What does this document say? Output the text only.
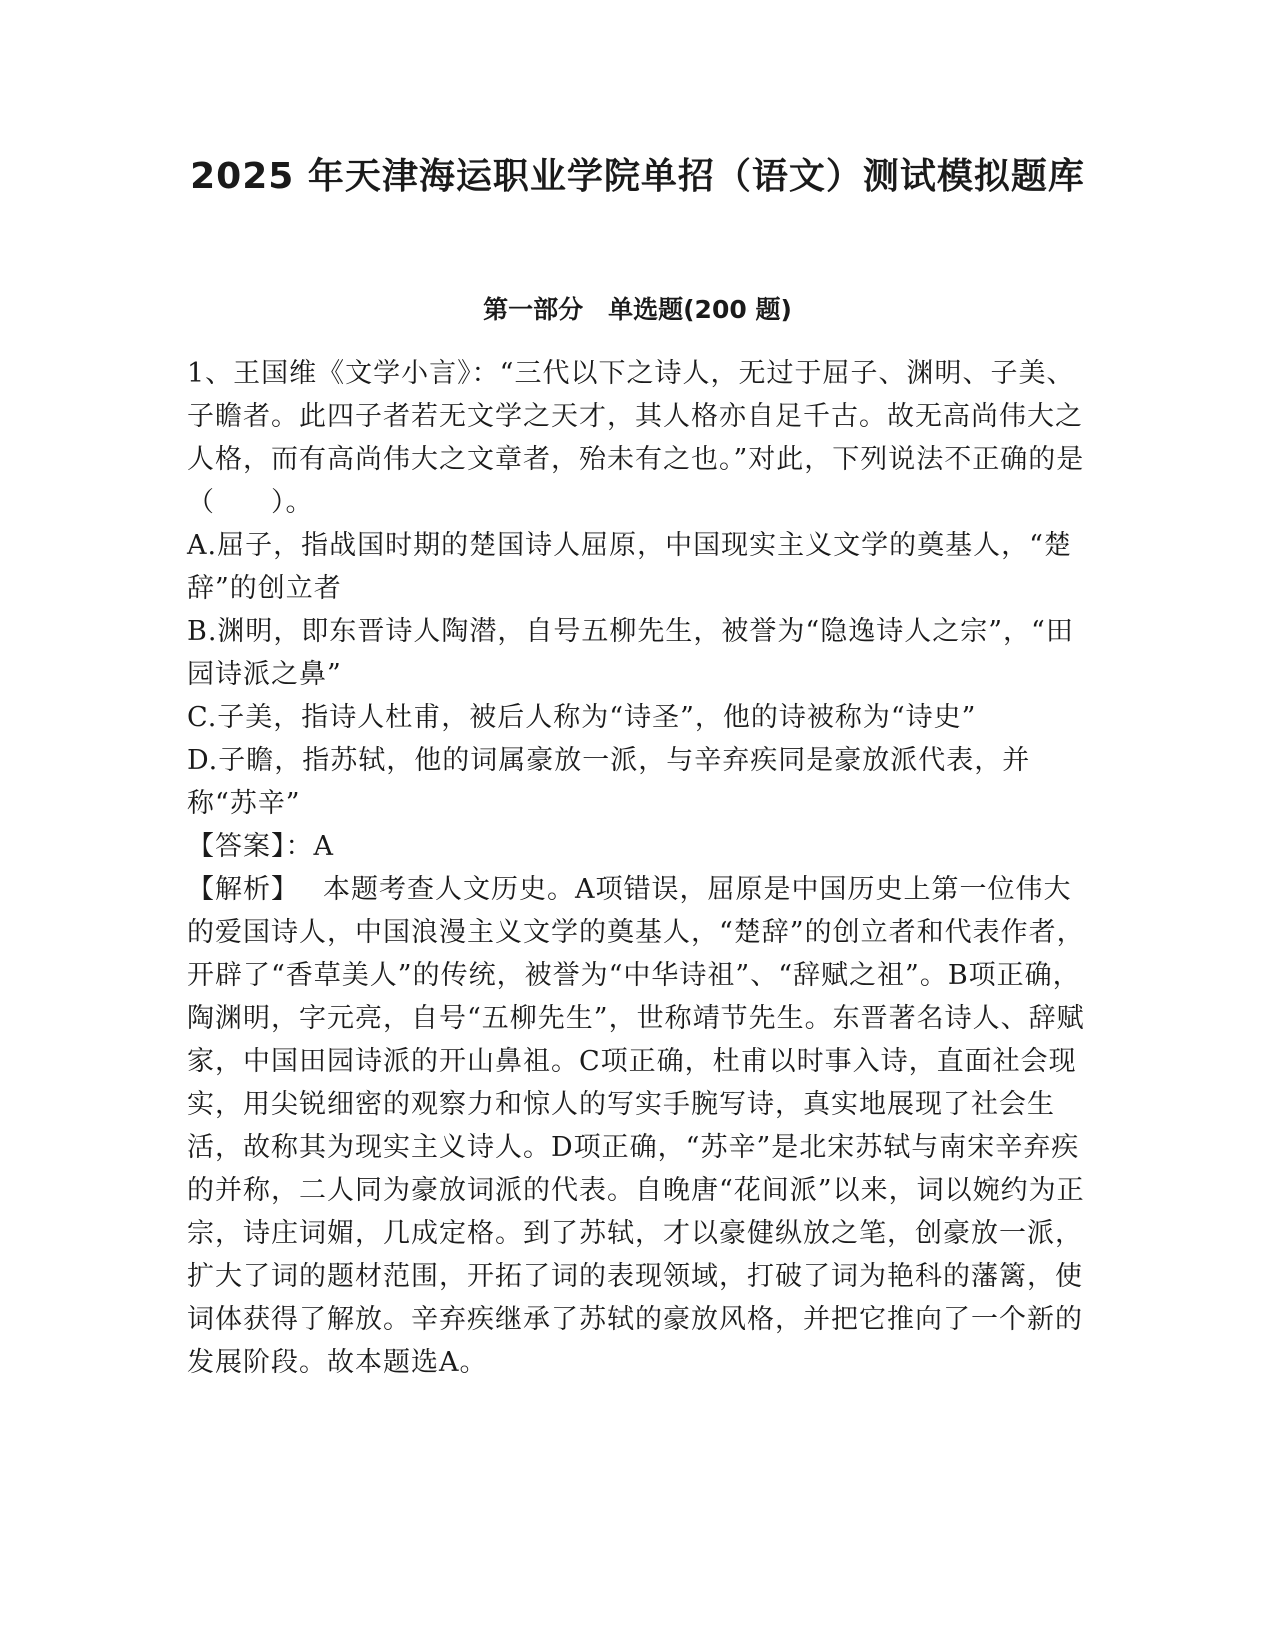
2025 年天津海运职业学院单招（语文）测试模拟题库
第一部分　单选题(200 题)

1、王国维《文学小言》：“三代以下之诗人，无过于屈子、渊明、子美、子瞻者。此四子者若无文学之天才，其人格亦自足千古。故无高尚伟大之人格，而有高尚伟大之文章者，殆未有之也。”对此，下列说法不正确的是（　　）。

A.屈子，指战国时期的楚国诗人屈原，中国现实主义文学的奠基人，“楚辞”的创立者
B.渊明，即东晋诗人陶潜，自号五柳先生，被誉为“隐逸诗人之宗”，“田园诗派之鼻”
C.子美，指诗人杜甫，被后人称为“诗圣”，他的诗被称为“诗史”
D.子瞻，指苏轼，他的词属豪放一派，与辛弃疾同是豪放派代表，并称“苏辛”

【答案】：A

【解析】 本题考查人文历史。A项错误，屈原是中国历史上第一位伟大的爱国诗人，中国浪漫主义文学的奠基人，“楚辞”的创立者和代表作者，开辟了“香草美人”的传统，被誉为“中华诗祖”、“辞赋之祖”。B项正确，陶渊明，字元亮，自号“五柳先生”，世称靖节先生。东晋著名诗人、辞赋家，中国田园诗派的开山鼻祖。C项正确，杜甫以时事入诗，直面社会现实，用尖锐细密的观察力和惊人的写实手腕写诗，真实地展现了社会生活，故称其为现实主义诗人。D项正确，“苏辛”是北宋苏轼与南宋辛弃疾的并称，二人同为豪放词派的代表。自晚唐“花间派”以来，词以婉约为正宗，诗庄词媚，几成定格。到了苏轼，才以豪健纵放之笔，创豪放一派，扩大了词的题材范围，开拓了词的表现领域，打破了词为艳科的藩篱，使词体获得了解放。辛弃疾继承了苏轼的豪放风格，并把它推向了一个新的发展阶段。故本题选A。
